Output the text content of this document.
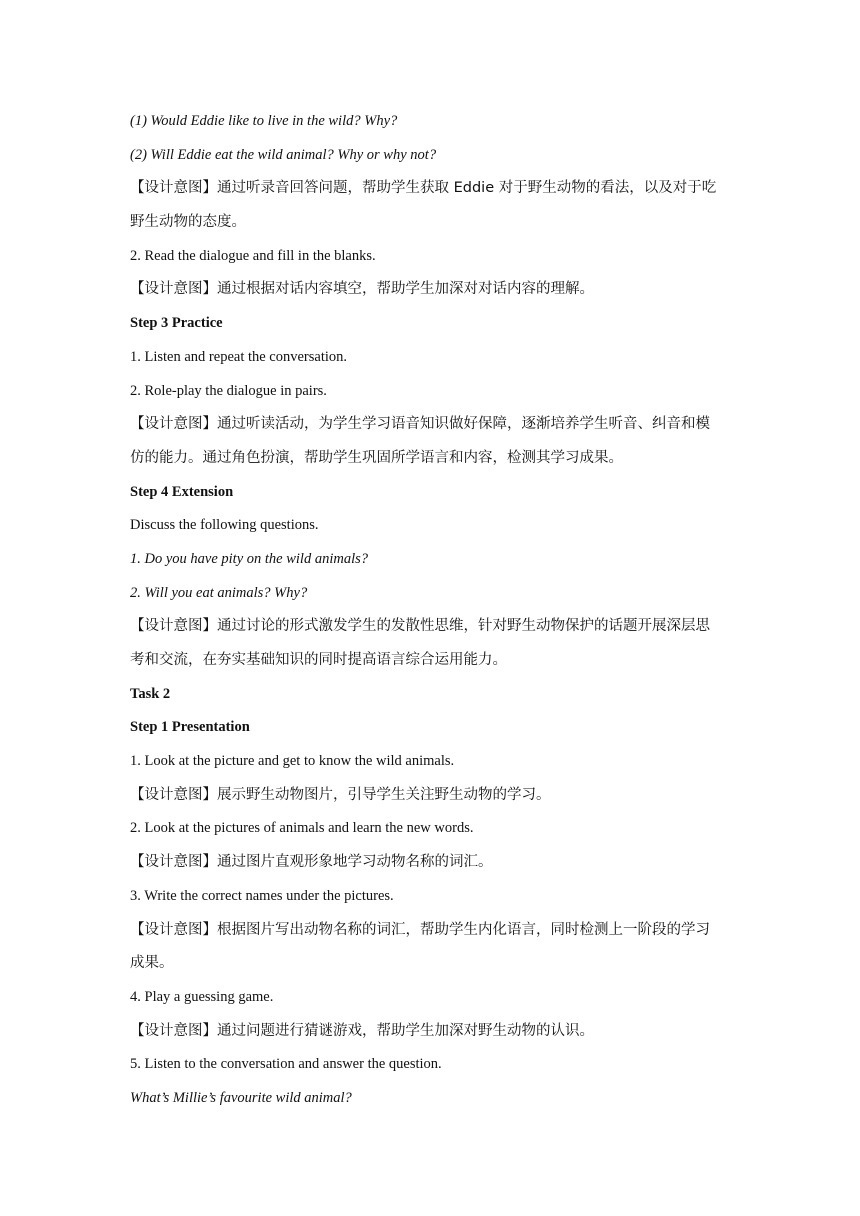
(1) Would Eddie like to live in the wild? Why?
(2) Will Eddie eat the wild animal? Why or why not?
【设计意图】通过听录音回答问题，帮助学生获取 Eddie 对于野生动物的看法，以及对于吃
野生动物的态度。
2. Read the dialogue and fill in the blanks.
【设计意图】通过根据对话内容填空，帮助学生加深对对话内容的理解。
Step 3 Practice
1. Listen and repeat the conversation.
2. Role-play the dialogue in pairs.
【设计意图】通过听读活动，为学生学习语音知识做好保障，逐渐培养学生听音、纠音和模
仿的能力。通过角色扮演，帮助学生巩固所学语言和内容，检测其学习成果。
Step 4 Extension
Discuss the following questions.
1. Do you have pity on the wild animals?
2. Will you eat animals? Why?
【设计意图】通过讨论的形式激发学生的发散性思维，针对野生动物保护的话题开展深层思
考和交流，在夯实基础知识的同时提高语言综合运用能力。
Task 2
Step 1 Presentation
1. Look at the picture and get to know the wild animals.
【设计意图】展示野生动物图片，引导学生关注野生动物的学习。
2. Look at the pictures of animals and learn the new words.
【设计意图】通过图片直观形象地学习动物名称的词汇。
3. Write the correct names under the pictures.
【设计意图】根据图片写出动物名称的词汇，帮助学生内化语言，同时检测上一阶段的学习
成果。
4. Play a guessing game.
【设计意图】通过问题进行猜谜游戏，帮助学生加深对野生动物的认识。
5. Listen to the conversation and answer the question.
What’s Millie’s favourite wild animal?
